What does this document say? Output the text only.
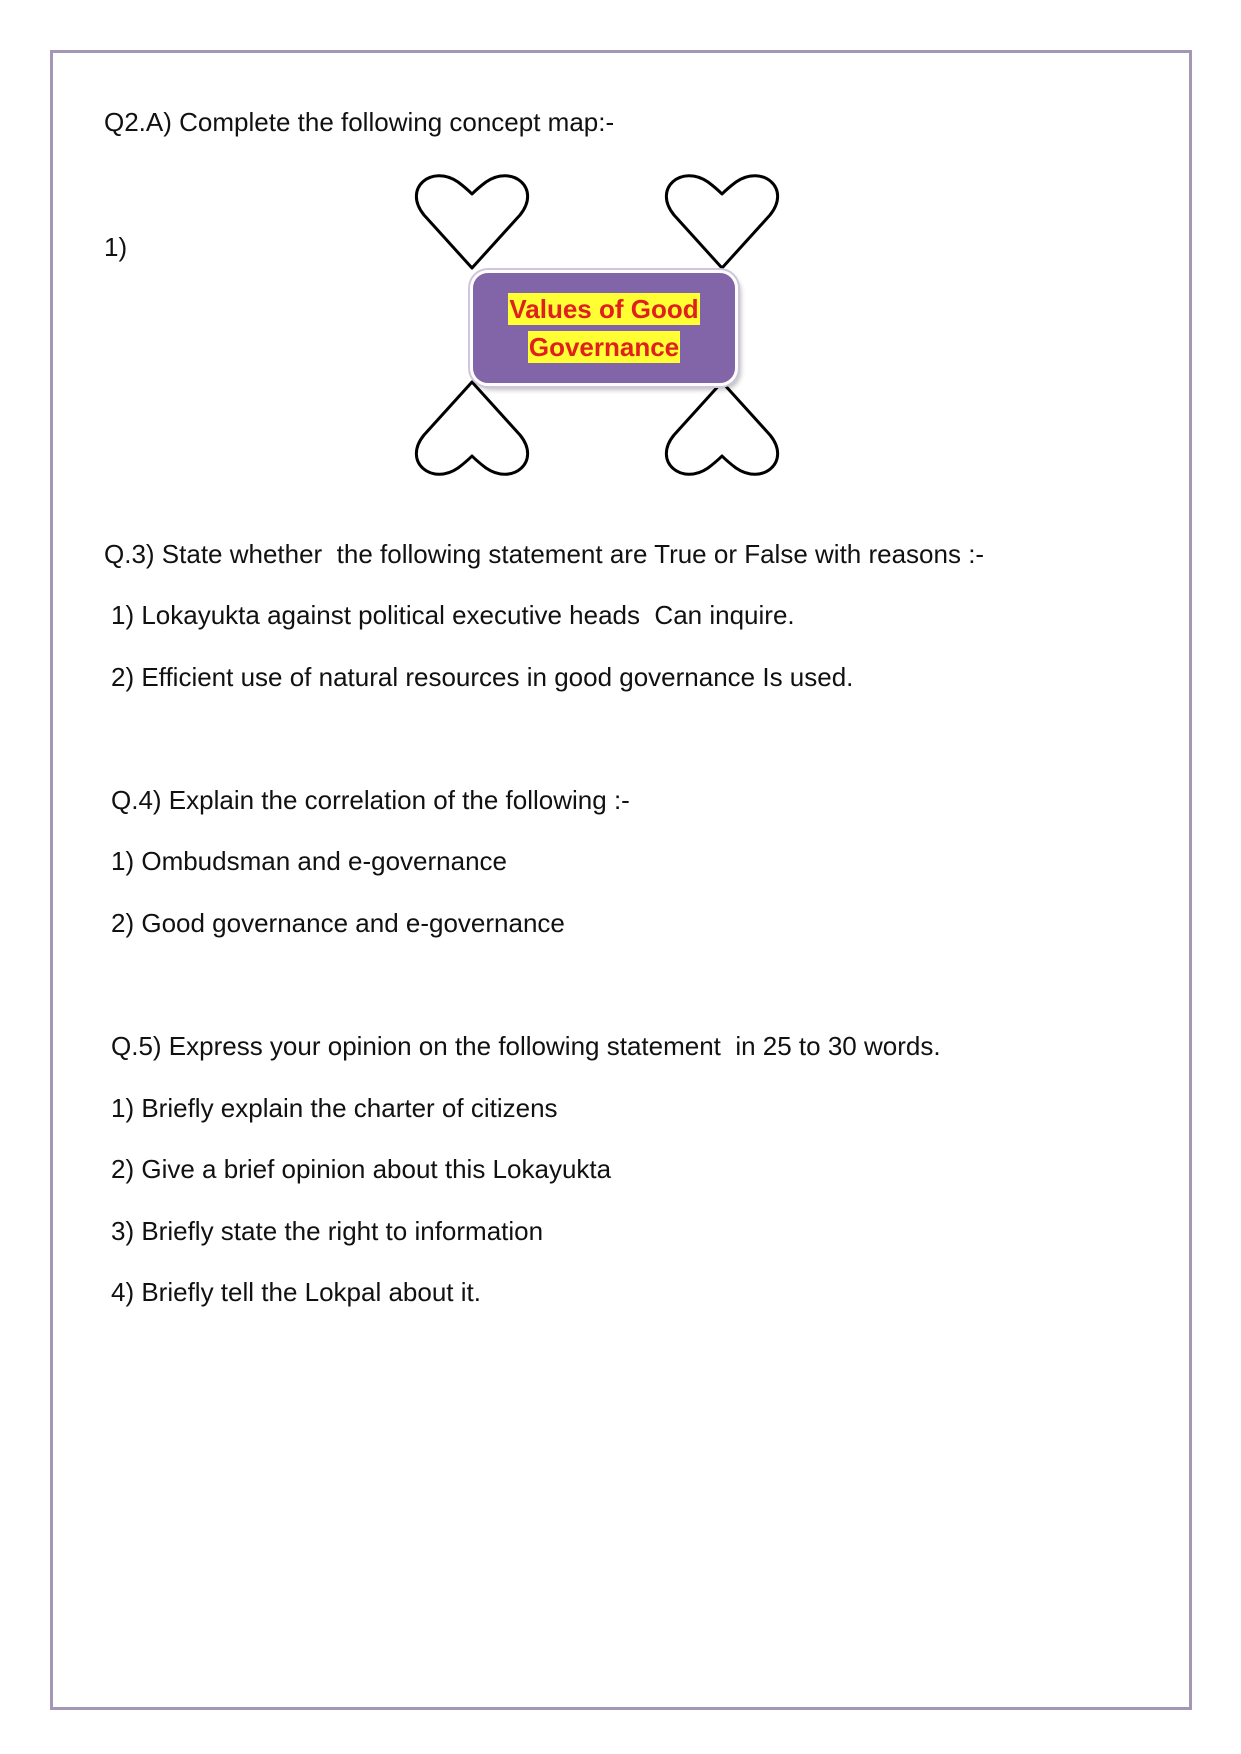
Q2.A) Complete the following concept map:-

1)

Values of Good
Governance

Q.3) State whether  the following statement are True or False with reasons :-

1) Lokayukta against political executive heads  Can inquire.

2) Efficient use of natural resources in good governance Is used.

Q.4) Explain the correlation of the following :-

1) Ombudsman and e-governance

2) Good governance and e-governance

Q.5) Express your opinion on the following statement  in 25 to 30 words.

1) Briefly explain the charter of citizens

2) Give a brief opinion about this Lokayukta

3) Briefly state the right to information

4) Briefly tell the Lokpal about it.
